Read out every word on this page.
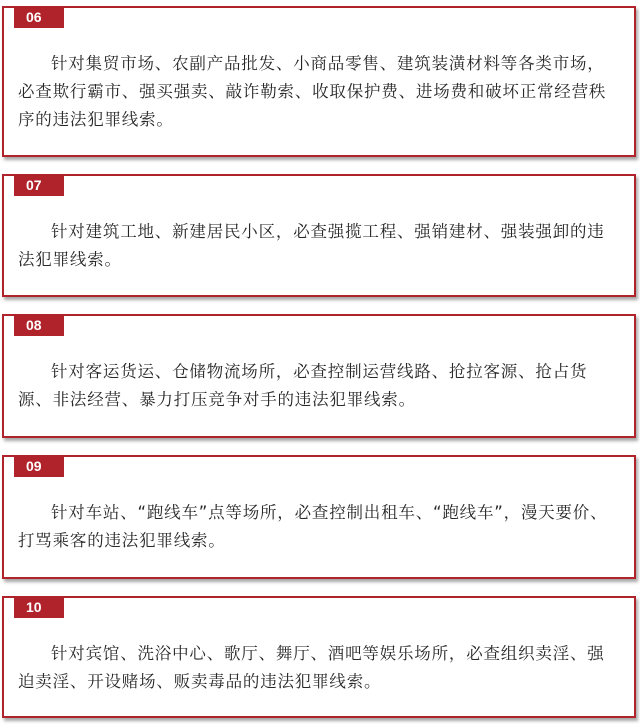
06

针对集贸市场、农副产品批发、小商品零售、建筑装潢材料等各类市场，必查欺行霸市、强买强卖、敲诈勒索、收取保护费、进场费和破坏正常经营秩序的违法犯罪线索。

07

针对建筑工地、新建居民小区，必查强揽工程、强销建材、强装强卸的违法犯罪线索。

08

针对客运货运、仓储物流场所，必查控制运营线路、抢拉客源、抢占货源、非法经营、暴力打压竞争对手的违法犯罪线索。

09

针对车站、“跑线车”点等场所，必查控制出租车、“跑线车”，漫天要价、打骂乘客的违法犯罪线索。

10

针对宾馆、洗浴中心、歌厅、舞厅、酒吧等娱乐场所，必查组织卖淫、强迫卖淫、开设赌场、贩卖毒品的违法犯罪线索。
